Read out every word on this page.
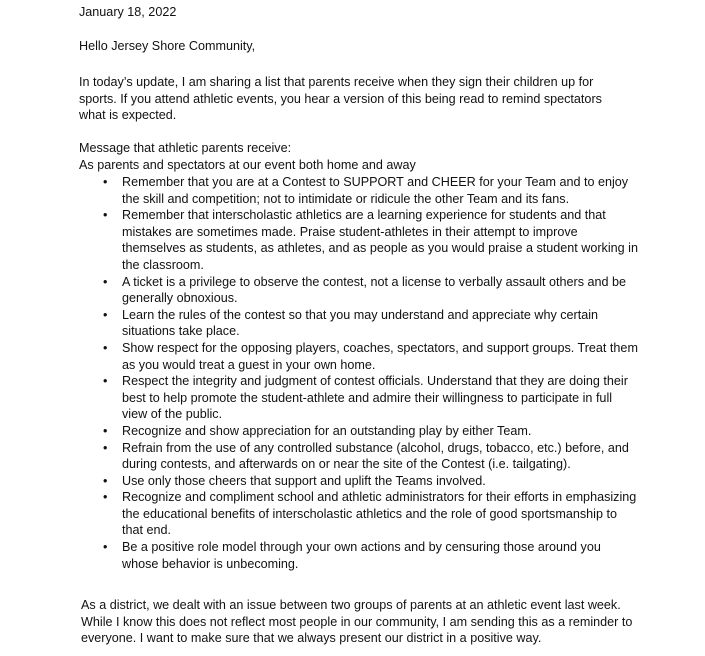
January 18, 2022

Hello Jersey Shore Community,

In today’s update, I am sharing a list that parents receive when they sign their children up for sports. If you attend athletic events, you hear a version of this being read to remind spectators what is expected.

Message that athletic parents receive:

As parents and spectators at our event both home and away

• Remember that you are at a Contest to SUPPORT and CHEER for your Team and to enjoy the skill and competition; not to intimidate or ridicule the other Team and its fans.
• Remember that interscholastic athletics are a learning experience for students and that mistakes are sometimes made. Praise student-athletes in their attempt to improve themselves as students, as athletes, and as people as you would praise a student working in the classroom.
• A ticket is a privilege to observe the contest, not a license to verbally assault others and be generally obnoxious.
• Learn the rules of the contest so that you may understand and appreciate why certain situations take place.
• Show respect for the opposing players, coaches, spectators, and support groups. Treat them as you would treat a guest in your own home.
• Respect the integrity and judgment of contest officials. Understand that they are doing their best to help promote the student-athlete and admire their willingness to participate in full view of the public.
• Recognize and show appreciation for an outstanding play by either Team.
• Refrain from the use of any controlled substance (alcohol, drugs, tobacco, etc.) before, and during contests, and afterwards on or near the site of the Contest (i.e. tailgating).
• Use only those cheers that support and uplift the Teams involved.
• Recognize and compliment school and athletic administrators for their efforts in emphasizing the educational benefits of interscholastic athletics and the role of good sportsmanship to that end.
• Be a positive role model through your own actions and by censuring those around you whose behavior is unbecoming.

As a district, we dealt with an issue between two groups of parents at an athletic event last week. While I know this does not reflect most people in our community, I am sending this as a reminder to everyone. I want to make sure that we always present our district in a positive way.
